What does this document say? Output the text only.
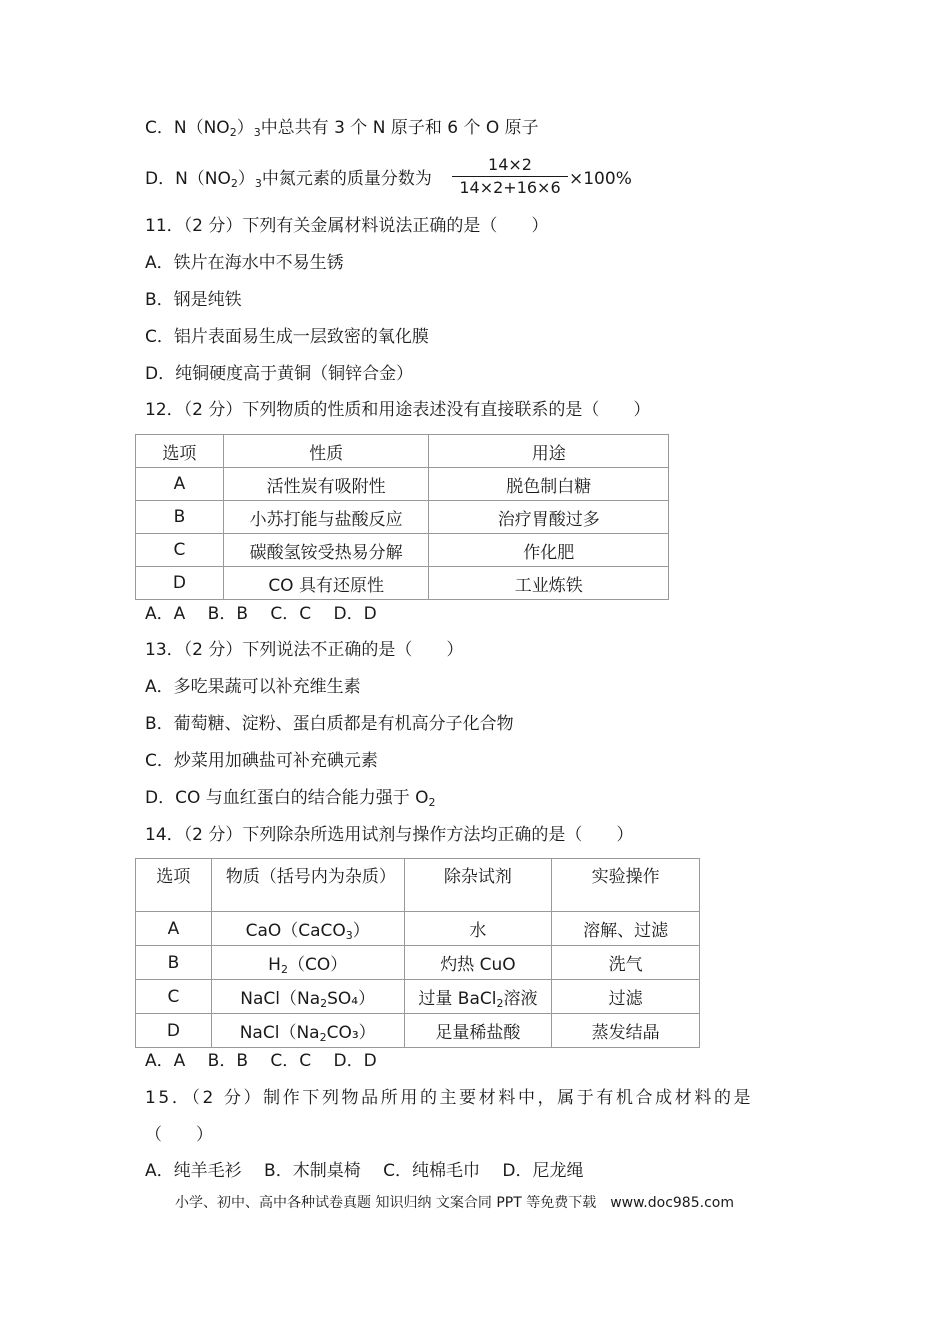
C．$N(NO_2)_3$中总共有 3 个 N 原子和 6 个 O 原子
D．$N(NO_2)_3$中氮元素的质量分数为 $\frac{14\times 2}{14\times 2+16\times 6} \times 100\%$
11．（2 分）下列有关金属材料说法正确的是（　　）
A．铁片在海水中不易生锈
B．钢是纯铁
C．铝片表面易生成一层致密的氧化膜
D．纯铜硬度高于黄铜（铜锌合金）
12．（2 分）下列物质的性质和用途表述没有直接联系的是（　　）
选项	性质	用途
A	活性炭有吸附性	脱色制白糖
B	小苏打能与盐酸反应	治疗胃酸过多
C	碳酸氢铵受热易分解	作化肥
D	CO 具有还原性	工业炼铁
A．A　 B．B　 C．C　 D．D
13．（2 分）下列说法不正确的是（　　）
A．多吃果蔬可以补充维生素
B．葡萄糖、淀粉、蛋白质都是有机高分子化合物
C．炒菜用加碘盐可补充碘元素
D．CO 与血红蛋白的结合能力强于 $O_2$
14．（2 分）下列除杂所选用试剂与操作方法均正确的是（　　）
选项	物质（括号内为杂质）	除杂试剂	实验操作
A	CaO（CaCO$_3$）	水	溶解、过滤
B	$H_2(CO)$	灼热 CuO	洗气
C	$NaCl(Na_2SO_4)$	过量 BaCl$_2$溶液	过滤
D	$NaCl(Na_2CO_3)$	足量稀盐酸	蒸发结晶
A．A　 B．B　 C．C　 D．D
15．（2 分）制作下列物品所用的主要材料中，属于有机合成材料的是
（　　）
A．纯羊毛衫　 B．木制桌椅　 C．纯棉毛巾　 D．尼龙绳
小学、初中、高中各种试卷真题 知识归纳 文案合同 PPT 等免费下载　www.doc985.com
